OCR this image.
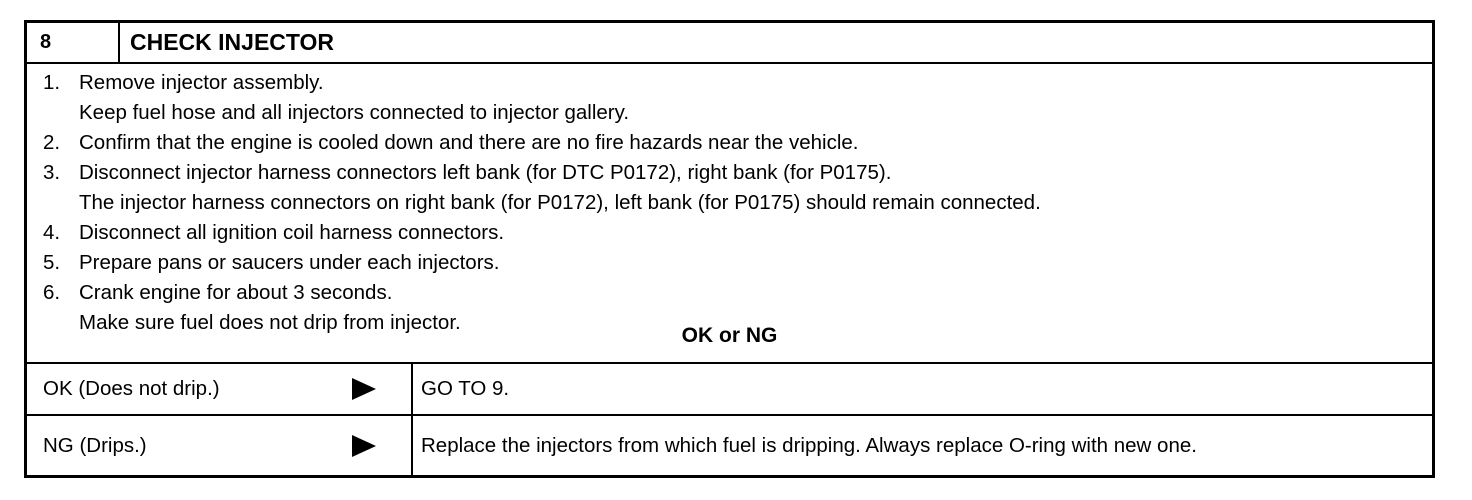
8	CHECK INJECTOR
1. Remove injector assembly.
Keep fuel hose and all injectors connected to injector gallery.
2. Confirm that the engine is cooled down and there are no fire hazards near the vehicle.
3. Disconnect injector harness connectors left bank (for DTC P0172), right bank (for P0175).
The injector harness connectors on right bank (for P0172), left bank (for P0175) should remain connected.
4. Disconnect all ignition coil harness connectors.
5. Prepare pans or saucers under each injectors.
6. Crank engine for about 3 seconds.
Make sure fuel does not drip from injector.
OK or NG
OK (Does not drip.)	GO TO 9.
NG (Drips.)	Replace the injectors from which fuel is dripping. Always replace O-ring with new one.
